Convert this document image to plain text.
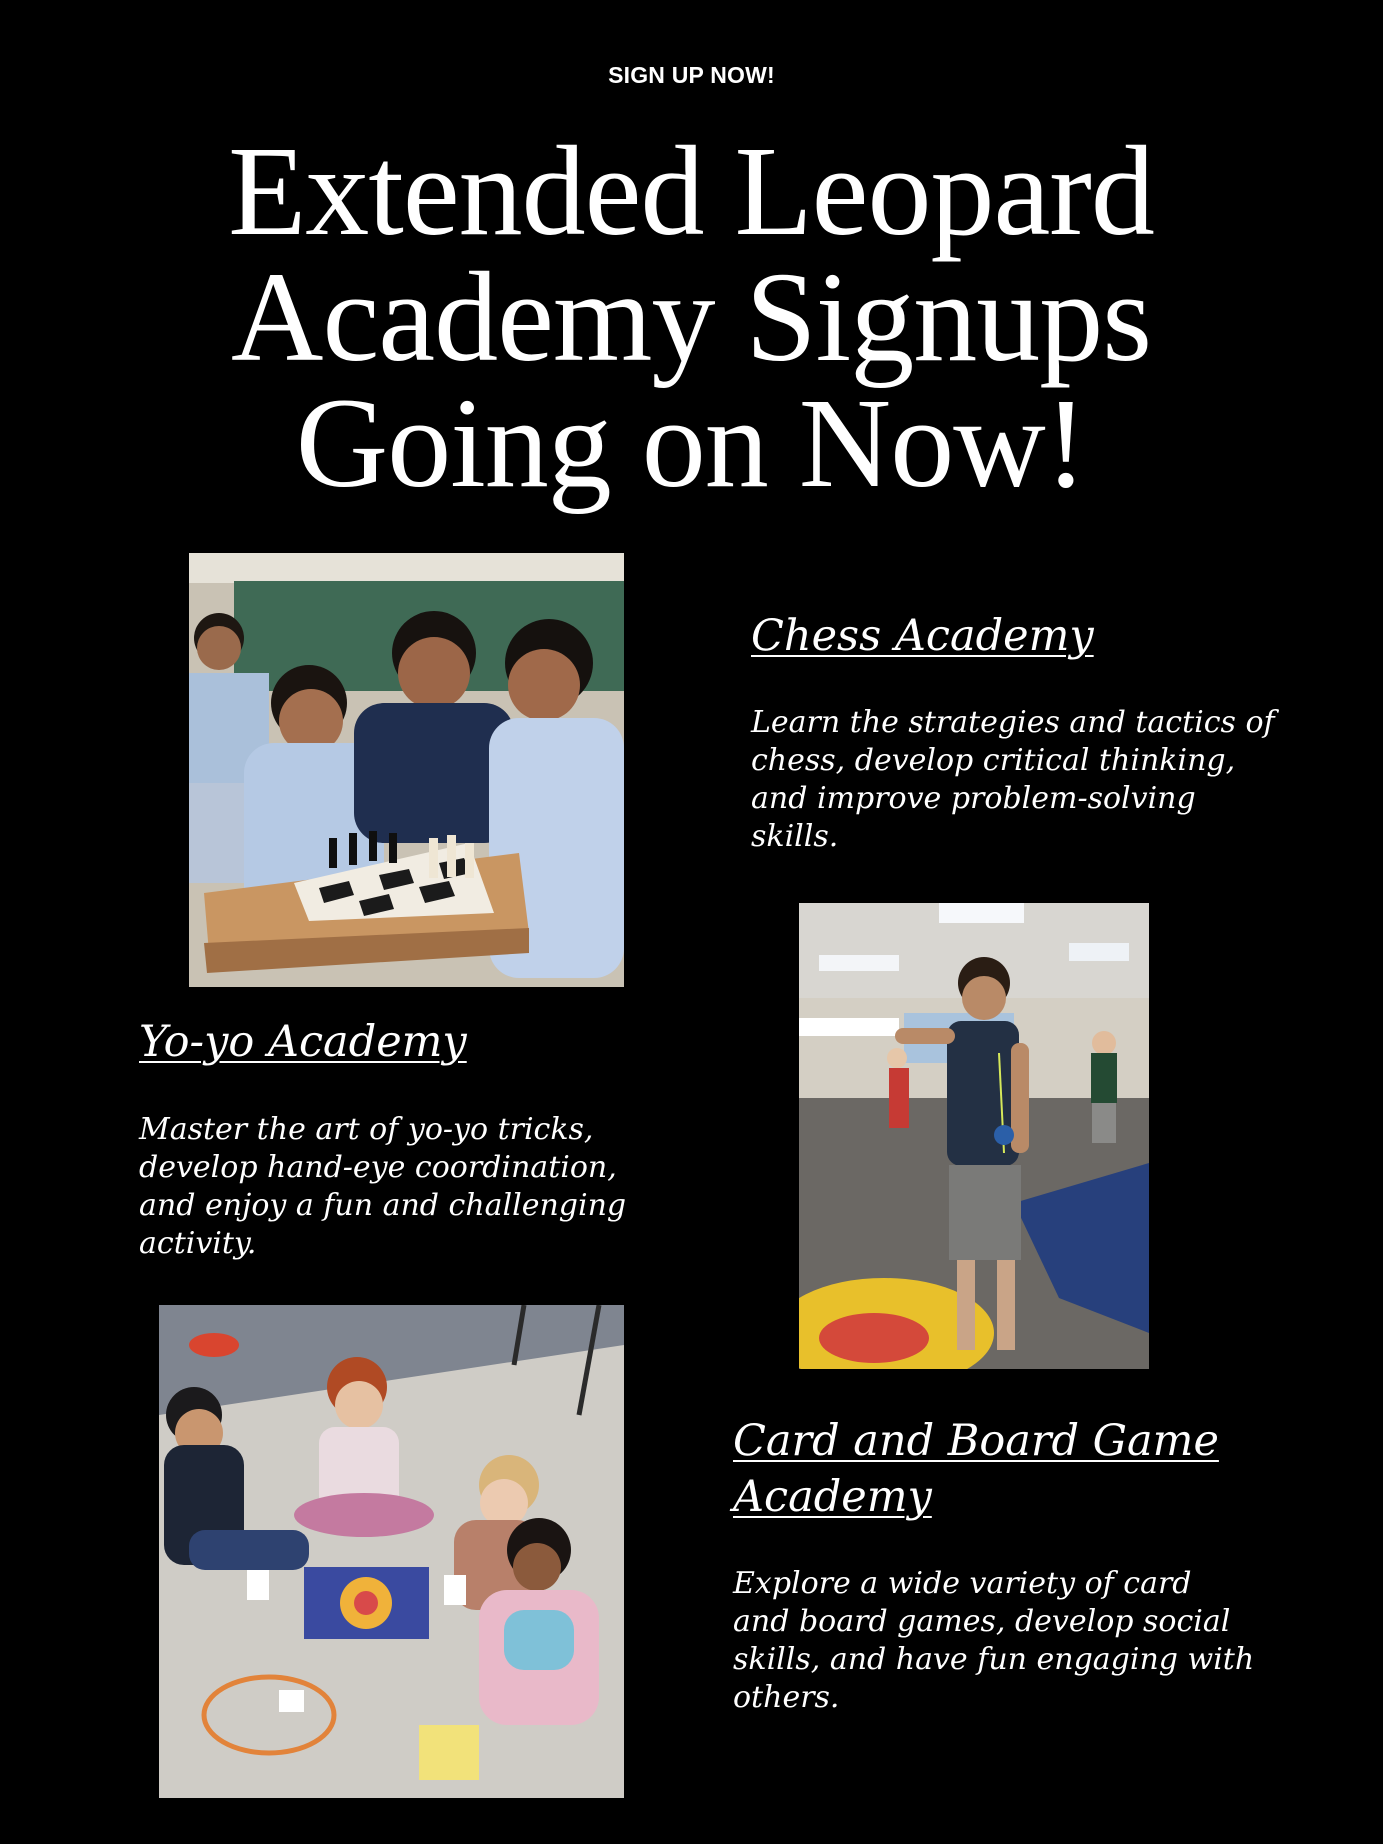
SIGN UP NOW!
Extended Leopard
Academy Signups
Going on Now!
Chess Academy

Learn the strategies and tactics of
chess, develop critical thinking,
and improve problem-solving
skills.

Yo-yo Academy

Master the art of yo-yo tricks,
develop hand-eye coordination,
and enjoy a fun and challenging
activity.

Card and Board Game
Academy

Explore a wide variety of card
and board games, develop social
skills, and have fun engaging with
others.
